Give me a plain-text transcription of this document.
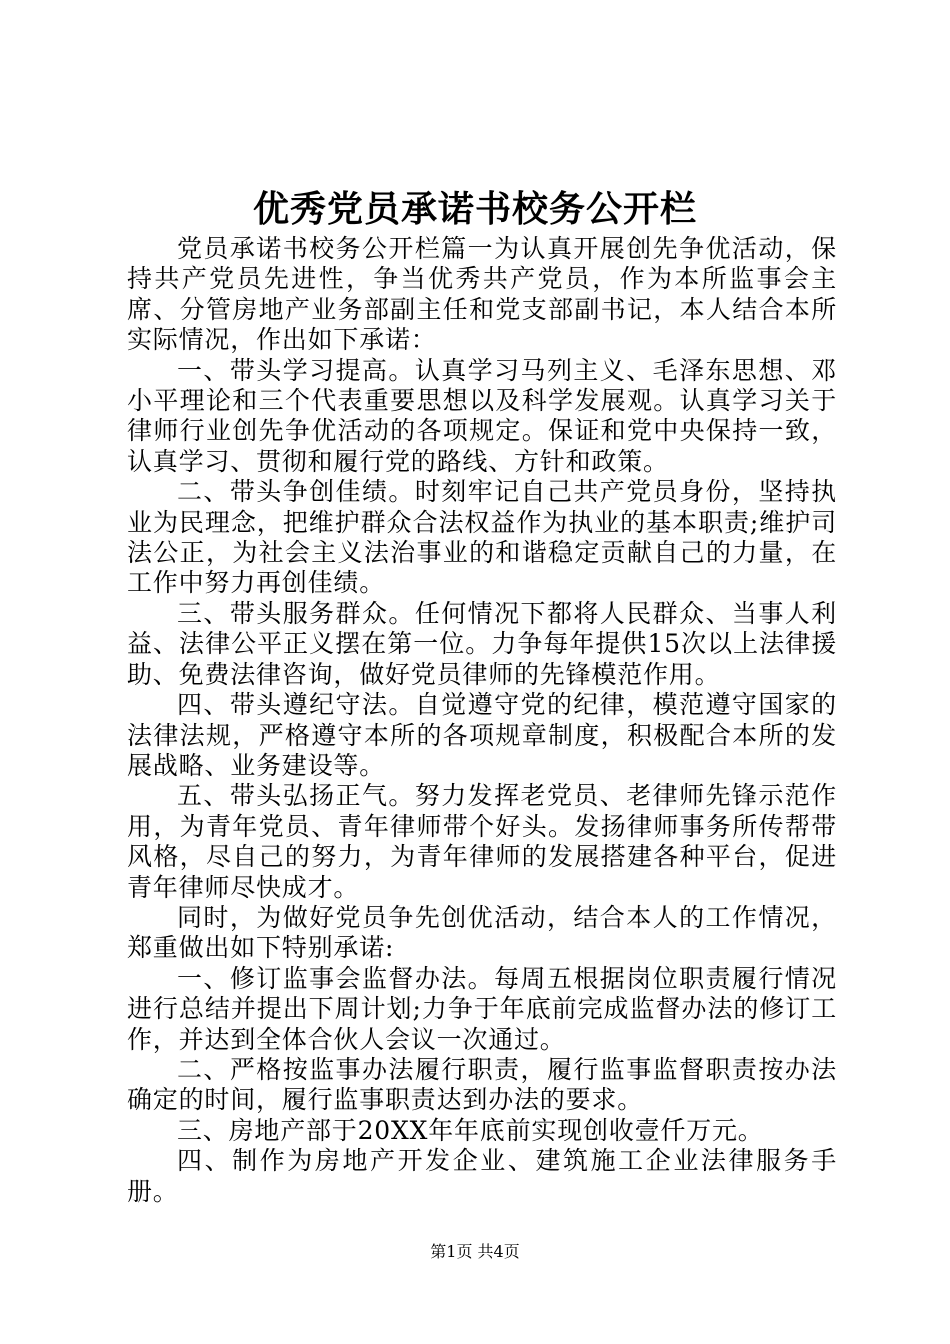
优秀党员承诺书校务公开栏

党员承诺书校务公开栏篇一为认真开展创先争优活动，保持共产党员先进性，争当优秀共产党员，作为本所监事会主席、分管房地产业务部副主任和党支部副书记，本人结合本所实际情况，作出如下承诺：

一、带头学习提高。认真学习马列主义、毛泽东思想、邓小平理论和三个代表重要思想以及科学发展观。认真学习关于律师行业创先争优活动的各项规定。保证和党中央保持一致，认真学习、贯彻和履行党的路线、方针和政策。

二、带头争创佳绩。时刻牢记自己共产党员身份，坚持执业为民理念，把维护群众合法权益作为执业的基本职责;维护司法公正，为社会主义法治事业的和谐稳定贡献自己的力量，在工作中努力再创佳绩。

三、带头服务群众。任何情况下都将人民群众、当事人利益、法律公平正义摆在第一位。力争每年提供15次以上法律援助、免费法律咨询，做好党员律师的先锋模范作用。

四、带头遵纪守法。自觉遵守党的纪律，模范遵守国家的法律法规，严格遵守本所的各项规章制度，积极配合本所的发展战略、业务建设等。

五、带头弘扬正气。努力发挥老党员、老律师先锋示范作用，为青年党员、青年律师带个好头。发扬律师事务所传帮带风格，尽自己的努力，为青年律师的发展搭建各种平台，促进青年律师尽快成才。

同时，为做好党员争先创优活动，结合本人的工作情况，郑重做出如下特别承诺:

一、修订监事会监督办法。每周五根据岗位职责履行情况进行总结并提出下周计划;力争于年底前完成监督办法的修订工作，并达到全体合伙人会议一次通过。

二、严格按监事办法履行职责，履行监事监督职责按办法确定的时间，履行监事职责达到办法的要求。

三、房地产部于20XX年年底前实现创收壹仟万元。

四、制作为房地产开发企业、建筑施工企业法律服务手册。

第1页 共4页
